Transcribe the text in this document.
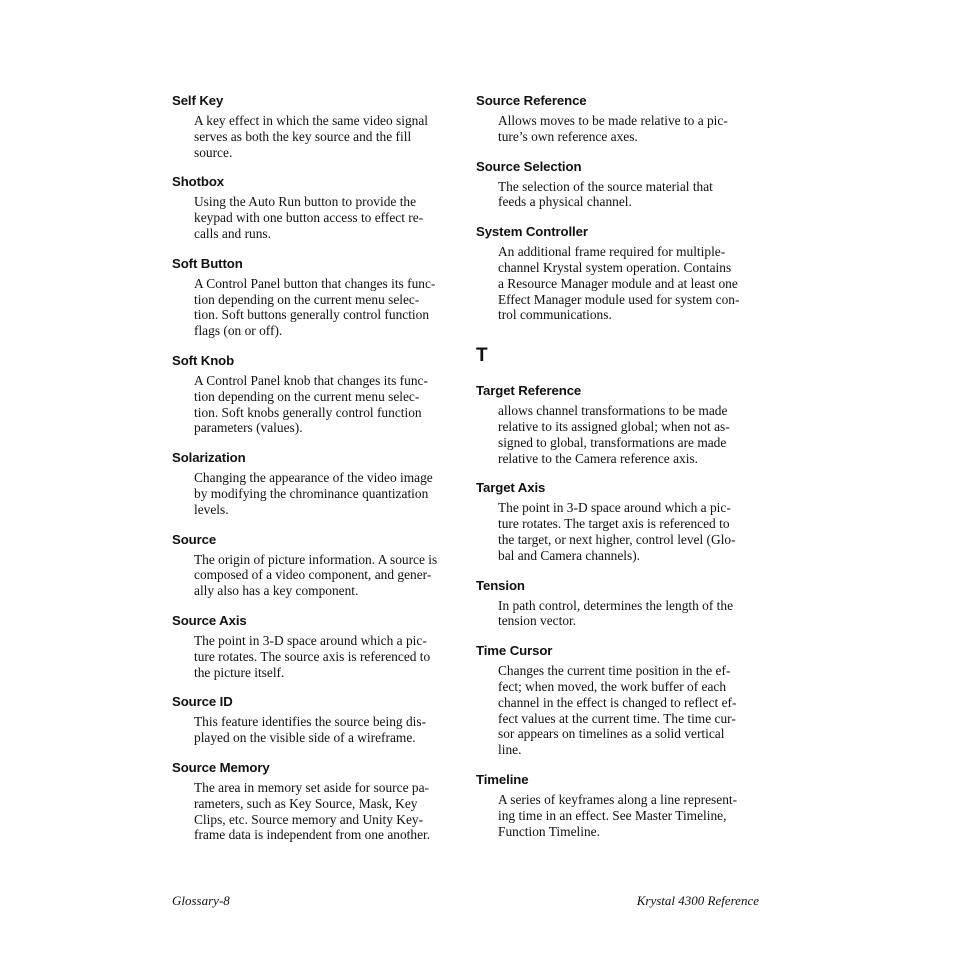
Self Key
A key effect in which the same video signal
serves as both the key source and the fill
source.
Shotbox
Using the Auto Run button to provide the
keypad with one button access to effect re-
calls and runs.
Soft Button
A Control Panel button that changes its func-
tion depending on the current menu selec-
tion. Soft buttons generally control function
flags (on or off).
Soft Knob
A Control Panel knob that changes its func-
tion depending on the current menu selec-
tion. Soft knobs generally control function
parameters (values).
Solarization
Changing the appearance of the video image
by modifying the chrominance quantization
levels.
Source
The origin of picture information. A source is
composed of a video component, and gener-
ally also has a key component.
Source Axis
The point in 3-D space around which a pic-
ture rotates. The source axis is referenced to
the picture itself.
Source ID
This feature identifies the source being dis-
played on the visible side of a wireframe.
Source Memory
The area in memory set aside for source pa-
rameters, such as Key Source, Mask, Key
Clips, etc. Source memory and Unity Key-
frame data is independent from one another.
Source Reference
Allows moves to be made relative to a pic-
ture’s own reference axes.
Source Selection
The selection of the source material that
feeds a physical channel.
System Controller
An additional frame required for multiple-
channel Krystal system operation. Contains
a Resource Manager module and at least one
Effect Manager module used for system con-
trol communications.
T
Target Reference
allows channel transformations to be made
relative to its assigned global; when not as-
signed to global, transformations are made
relative to the Camera reference axis.
Target Axis
The point in 3-D space around which a pic-
ture rotates. The target axis is referenced to
the target, or next higher, control level (Glo-
bal and Camera channels).
Tension
In path control, determines the length of the
tension vector.
Time Cursor
Changes the current time position in the ef-
fect; when moved, the work buffer of each
channel in the effect is changed to reflect ef-
fect values at the current time. The time cur-
sor appears on timelines as a solid vertical
line.
Timeline
A series of keyframes along a line represent-
ing time in an effect. See Master Timeline,
Function Timeline.
Glossary-8	Krystal 4300 Reference
